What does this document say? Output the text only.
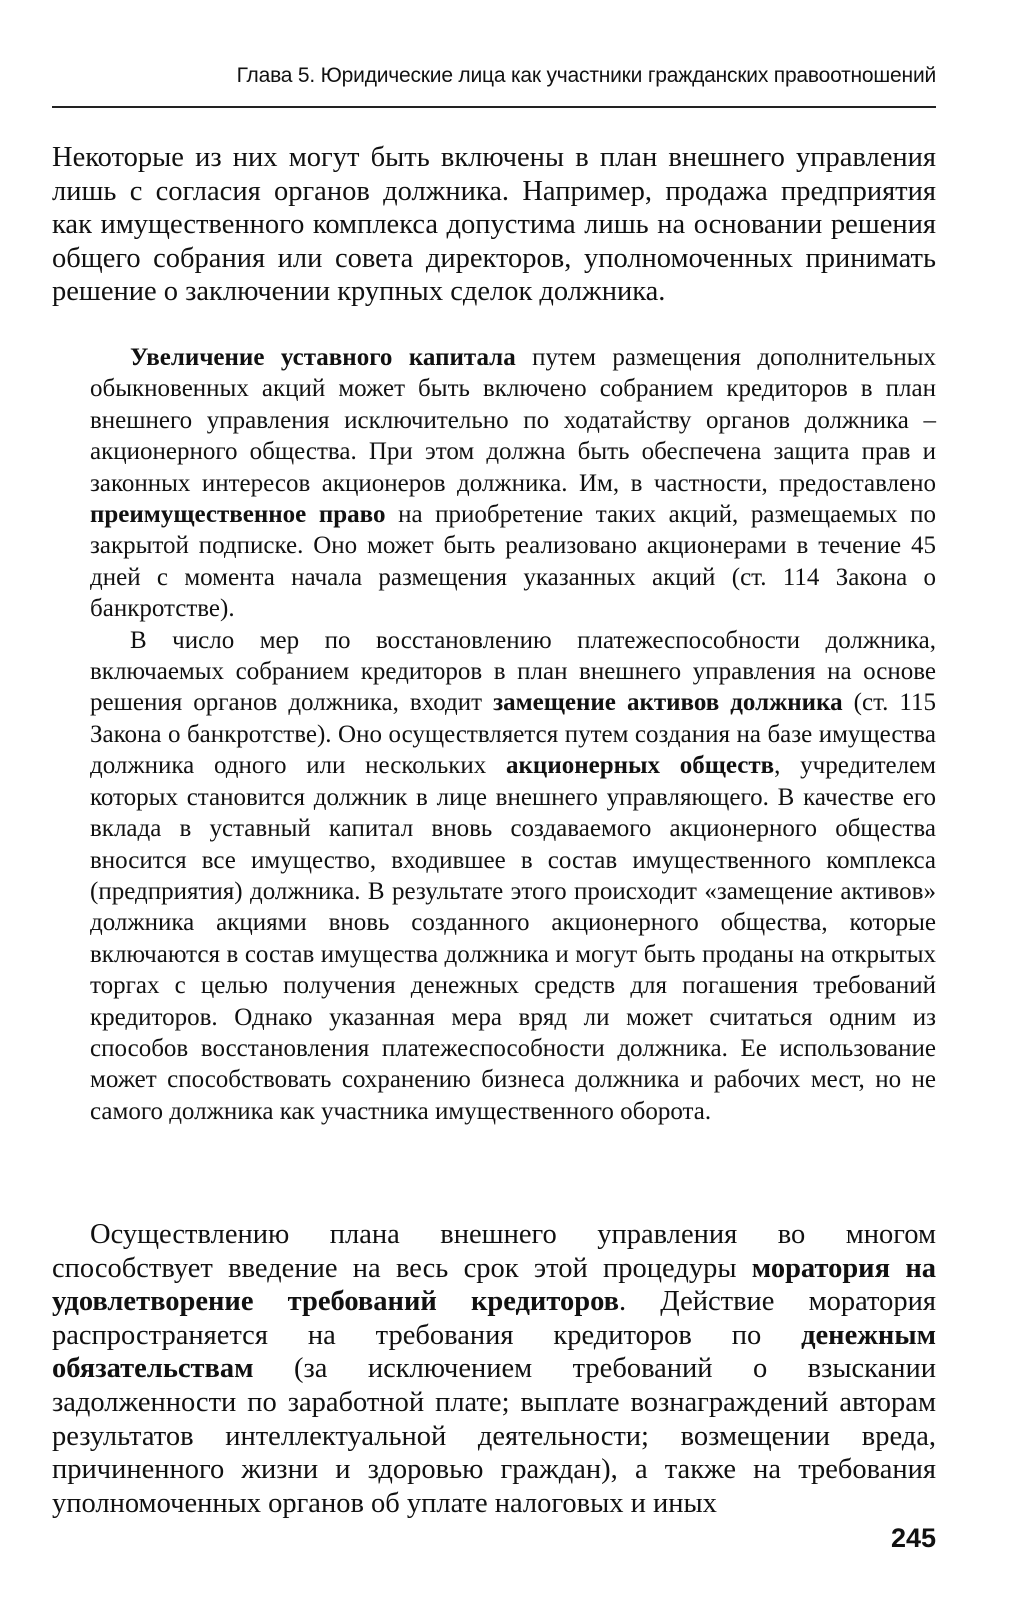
Глава 5. Юридические лица как участники гражданских правоотношений

Некоторые из них могут быть включены в план внешнего управления лишь с согласия органов должника. Например, продажа предприятия как имущественного комплекса допустима лишь на основании решения общего собрания или совета директоров, уполномоченных принимать решение о заключении крупных сделок должника.

Увеличение уставного капитала путем размещения дополнительных обыкновенных акций может быть включено собранием кредиторов в план внешнего управления исключительно по ходатайству органов должника – акционерного общества. При этом должна быть обеспечена защита прав и законных интересов акционеров должника. Им, в частности, предоставлено преимущественное право на приобретение таких акций, размещаемых по закрытой подписке. Оно может быть реализовано акционерами в течение 45 дней с момента начала размещения указанных акций (ст. 114 Закона о банкротстве).

В число мер по восстановлению платежеспособности должника, включаемых собранием кредиторов в план внешнего управления на основе решения органов должника, входит замещение активов должника (ст. 115 Закона о банкротстве). Оно осуществляется путем создания на базе имущества должника одного или нескольких акционерных обществ, учредителем которых становится должник в лице внешнего управляющего. В качестве его вклада в уставный капитал вновь создаваемого акционерного общества вносится все имущество, входившее в состав имущественного комплекса (предприятия) должника. В результате этого происходит «замещение активов» должника акциями вновь созданного акционерного общества, которые включаются в состав имущества должника и могут быть проданы на открытых торгах с целью получения денежных средств для погашения требований кредиторов. Однако указанная мера вряд ли может считаться одним из способов восстановления платежеспособности должника. Ее использование может способствовать сохранению бизнеса должника и рабочих мест, но не самого должника как участника имущественного оборота.

Осуществлению плана внешнего управления во многом способствует введение на весь срок этой процедуры моратория на удовлетворение требований кредиторов. Действие моратория распространяется на требования кредиторов по денежным обязательствам (за исключением требований о взыскании задолженности по заработной плате; выплате вознаграждений авторам результатов интеллектуальной деятельности; возмещении вреда, причиненного жизни и здоровью граждан), а также на требования уполномоченных органов об уплате налоговых и иных

245
